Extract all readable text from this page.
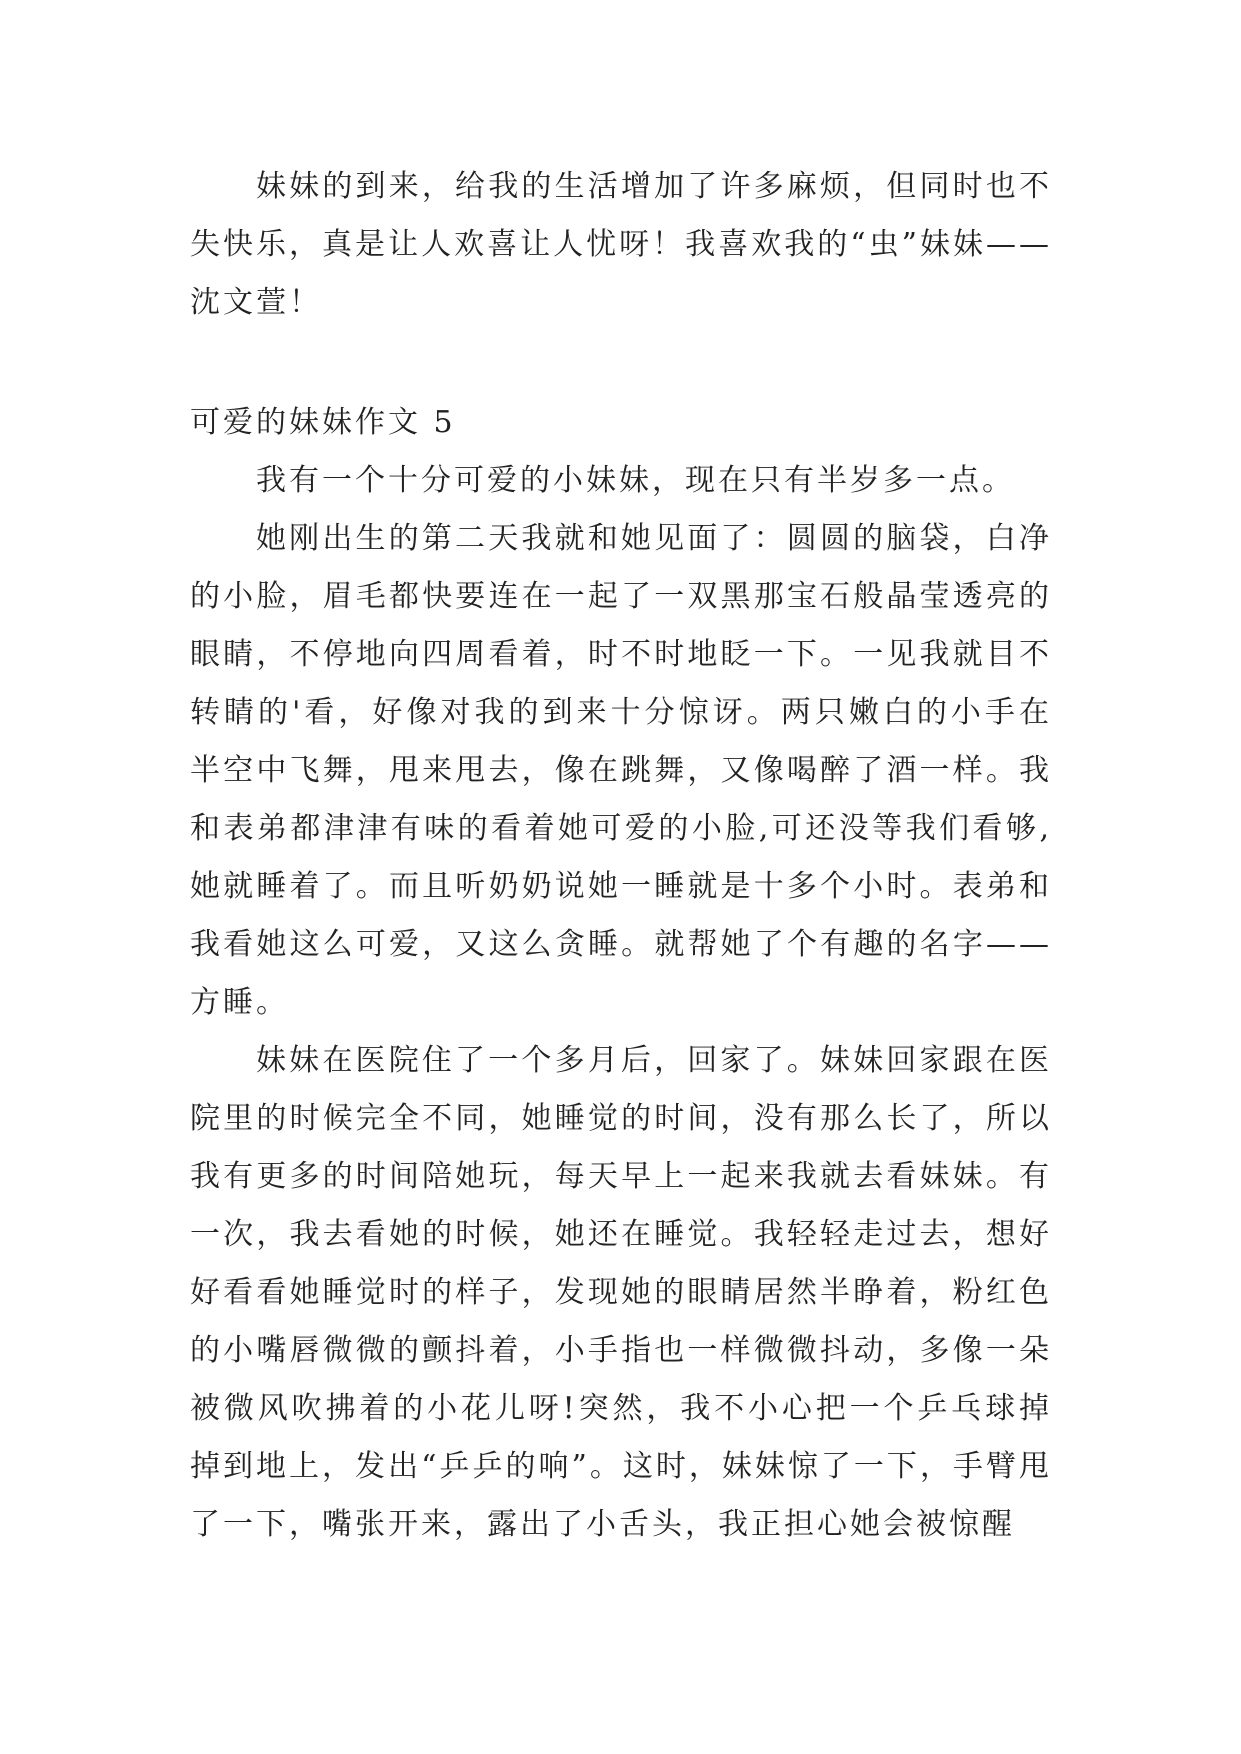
妹妹的到来，给我的生活增加了许多麻烦，但同时也不失快乐，真是让人欢喜让人忧呀！我喜欢我的“虫”妹妹——沈文萱！

可爱的妹妹作文 5

我有一个十分可爱的小妹妹，现在只有半岁多一点。

她刚出生的第二天我就和她见面了：圆圆的脑袋，白净的小脸，眉毛都快要连在一起了一双黑那宝石般晶莹透亮的眼睛，不停地向四周看着，时不时地眨一下。一见我就目不转睛的'看，好像对我的到来十分惊讶。两只嫩白的小手在半空中飞舞，甩来甩去，像在跳舞，又像喝醉了酒一样。我和表弟都津津有味的看着她可爱的小脸,可还没等我们看够,她就睡着了。而且听奶奶说她一睡就是十多个小时。表弟和我看她这么可爱，又这么贪睡。就帮她了个有趣的名字——方睡。

妹妹在医院住了一个多月后，回家了。妹妹回家跟在医院里的时候完全不同，她睡觉的时间，没有那么长了，所以我有更多的时间陪她玩，每天早上一起来我就去看妹妹。有一次，我去看她的时候，她还在睡觉。我轻轻走过去，想好好看看她睡觉时的样子，发现她的眼睛居然半睁着，粉红色的小嘴唇微微的颤抖着，小手指也一样微微抖动，多像一朵被微风吹拂着的小花儿呀!突然，我不小心把一个乒乓球掉掉到地上，发出“乒乒的响”。这时，妹妹惊了一下，手臂甩了一下，嘴张开来，露出了小舌头，我正担心她会被惊醒
